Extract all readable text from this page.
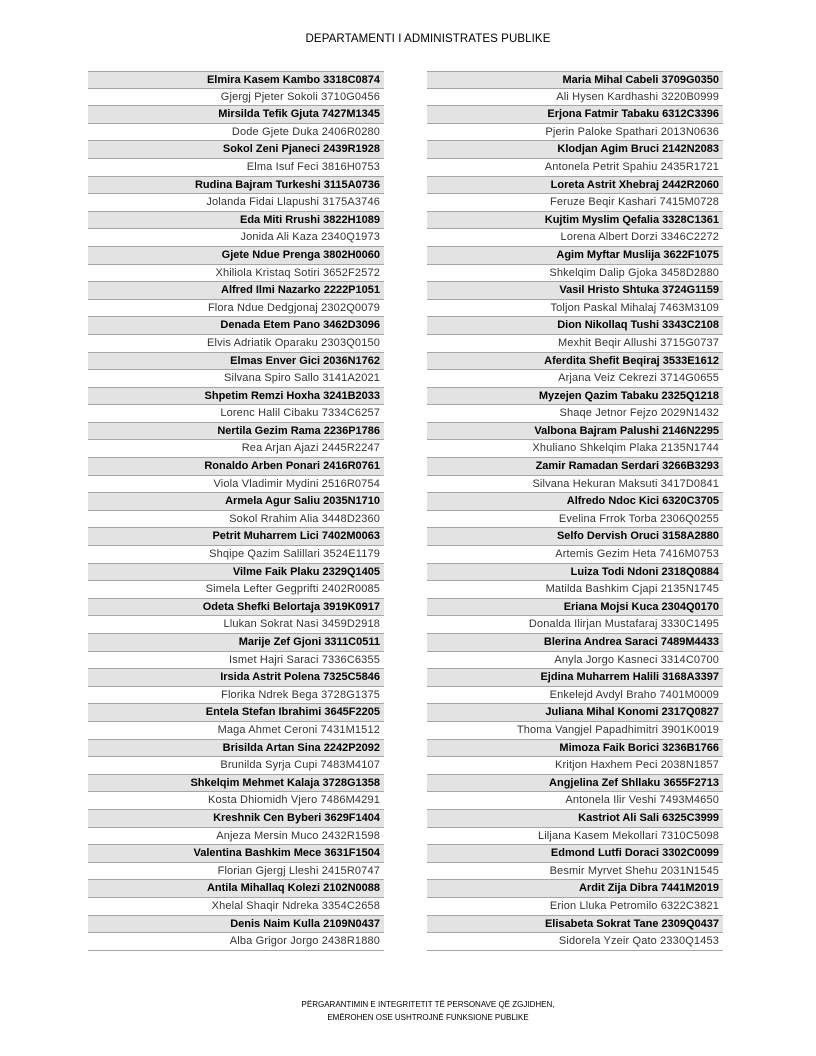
DEPARTAMENTI I ADMINISTRATES PUBLIKE
Elmira Kasem Kambo 3318C0874
Gjergj Pjeter Sokoli 3710G0456
Mirsilda Tefik Gjuta 7427M1345
Dode Gjete Duka 2406R0280
Sokol Zeni Pjaneci 2439R1928
Elma Isuf Feci 3816H0753
Rudina Bajram Turkeshi 3115A0736
Jolanda Fidai Llapushi 3175A3746
Eda Miti Rrushi 3822H1089
Jonida Ali Kaza 2340Q1973
Gjete Ndue Prenga 3802H0060
Xhiliola Kristaq Sotiri 3652F2572
Alfred Ilmi Nazarko 2222P1051
Flora Ndue Dedgjonaj 2302Q0079
Denada Etem Pano 3462D3096
Elvis Adriatik Oparaku 2303Q0150
Elmas Enver Gici 2036N1762
Silvana Spiro Sallo 3141A2021
Shpetim Remzi Hoxha 3241B2033
Lorenc Halil Cibaku 7334C6257
Nertila Gezim Rama 2236P1786
Rea Arjan Ajazi 2445R2247
Ronaldo Arben Ponari 2416R0761
Viola Vladimir Mydini 2516R0754
Armela Agur Saliu 2035N1710
Sokol Rrahim Alia 3448D2360
Petrit Muharrem Lici 7402M0063
Shqipe Qazim Salillari 3524E1179
Vilme Faik Plaku 2329Q1405
Simela Lefter Gegprifti 2402R0085
Odeta Shefki Belortaja 3919K0917
Llukan Sokrat Nasi 3459D2918
Marije Zef Gjoni 3311C0511
Ismet Hajri Saraci 7336C6355
Irsida Astrit Polena 7325C5846
Florika Ndrek Bega 3728G1375
Entela Stefan Ibrahimi 3645F2205
Maga Ahmet Ceroni 7431M1512
Brisilda Artan Sina 2242P2092
Brunilda Syrja Cupi 7483M4107
Shkelqim Mehmet Kalaja 3728G1358
Kosta Dhiomidh Vjero 7486M4291
Kreshnik Cen Byberi 3629F1404
Anjeza Mersin Muco 2432R1598
Valentina Bashkim Mece 3631F1504
Florian Gjergj Lleshi 2415R0747
Antila Mihallaq Kolezi 2102N0088
Xhelal Shaqir Ndreka 3354C2658
Denis Naim Kulla 2109N0437
Alba Grigor Jorgo 2438R1880
Maria Mihal Cabeli 3709G0350
Ali Hysen Kardhashi 3220B0999
Erjona Fatmir Tabaku 6312C3396
Pjerin Paloke Spathari 2013N0636
Klodjan Agim Bruci 2142N2083
Antonela Petrit Spahiu 2435R1721
Loreta Astrit Xhebraj 2442R2060
Feruze Beqir Kashari 7415M0728
Kujtim Myslim Qefalia 3328C1361
Lorena Albert Dorzi 3346C2272
Agim Myftar Muslija 3622F1075
Shkelqim Dalip Gjoka 3458D2880
Vasil Hristo Shtuka 3724G1159
Toljon Paskal Mihalaj 7463M3109
Dion Nikollaq Tushi 3343C2108
Mexhit Beqir Allushi 3715G0737
Aferdita Shefit Beqiraj 3533E1612
Arjana Veiz Cekrezi 3714G0655
Myzejen Qazim Tabaku 2325Q1218
Shaqe Jetnor Fejzo 2029N1432
Valbona Bajram Palushi 2146N2295
Xhuliano Shkelqim Plaka 2135N1744
Zamir Ramadan Serdari 3266B3293
Silvana Hekuran Maksuti 3417D0841
Alfredo Ndoc Kici 6320C3705
Evelina Frrok Torba 2306Q0255
Selfo Dervish Oruci 3158A2880
Artemis Gezim Heta 7416M0753
Luiza Todi Ndoni 2318Q0884
Matilda Bashkim Cjapi 2135N1745
Eriana Mojsi Kuca 2304Q0170
Donalda Ilirjan Mustafaraj 3330C1495
Blerina Andrea Saraci 7489M4433
Anyla Jorgo Kasneci 3314C0700
Ejdina Muharrem Halili 3168A3397
Enkelejd Avdyl Braho 7401M0009
Juliana Mihal Konomi 2317Q0827
Thoma Vangjel Papadhimitri 3901K0019
Mimoza Faik Borici 3236B1766
Kritjon Haxhem Peci 2038N1857
Angjelina Zef Shllaku 3655F2713
Antonela Ilir Veshi 7493M4650
Kastriot Ali Sali 6325C3999
Liljana Kasem Mekollari 7310C5098
Edmond Lutfi Doraci 3302C0099
Besmir Myrvet Shehu 2031N1545
Ardit Zija Dibra 7441M2019
Erion Lluka Petromilo 6322C3821
Elisabeta Sokrat Tane 2309Q0437
Sidorela Yzeir Qato 2330Q1453
PËRGARANTIMIN E INTEGRITETIT TË PERSONAVE QË ZGJIDHEN,
EMËROHEN OSE USHTROJNË FUNKSIONE PUBLIKE
